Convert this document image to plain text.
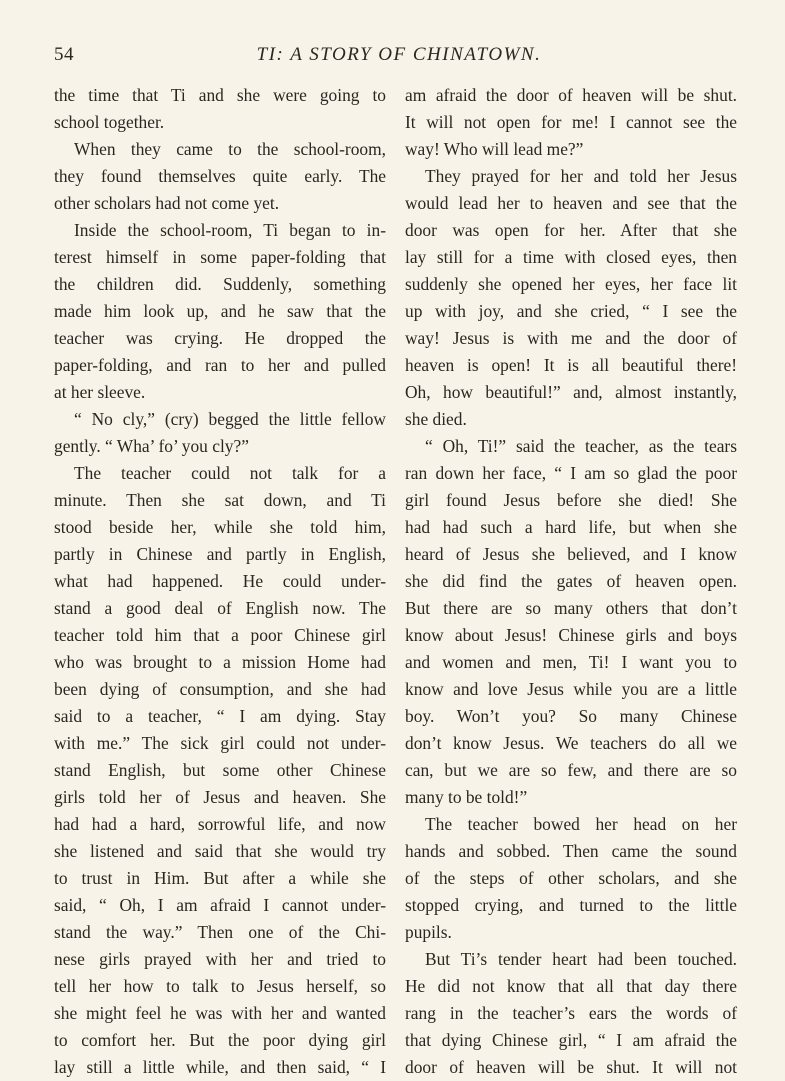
54	TI: A STORY OF CHINATOWN.
the time that Ti and she were going to
school together.
When they came to the school-room,
they found themselves quite early. The
other scholars had not come yet.
Inside the school-room, Ti began to in-
terest himself in some paper-folding that
the children did. Suddenly, something
made him look up, and he saw that the
teacher was crying. He dropped the
paper-folding, and ran to her and pulled
at her sleeve.
“ No cly,” (cry) begged the little fellow
gently. “ Wha’ fo’ you cly?”
The teacher could not talk for a
minute. Then she sat down, and Ti
stood beside her, while she told him,
partly in Chinese and partly in English,
what had happened. He could under-
stand a good deal of English now. The
teacher told him that a poor Chinese girl
who was brought to a mission Home had
been dying of consumption, and she had
said to a teacher, “ I am dying. Stay
with me.” The sick girl could not under-
stand English, but some other Chinese
girls told her of Jesus and heaven. She
had had a hard, sorrowful life, and now
she listened and said that she would try
to trust in Him. But after a while she
said, “ Oh, I am afraid I cannot under-
stand the way.” Then one of the Chi-
nese girls prayed with her and tried to
tell her how to talk to Jesus herself, so
she might feel he was with her and wanted
to comfort her. But the poor dying girl
lay still a little while, and then said, “ I
am afraid the door of heaven will be shut.
It will not open for me! I cannot see the
way! Who will lead me?”
They prayed for her and told her Jesus
would lead her to heaven and see that the
door was open for her. After that she
lay still for a time with closed eyes, then
suddenly she opened her eyes, her face lit
up with joy, and she cried, “ I see the
way! Jesus is with me and the door of
heaven is open! It is all beautiful there!
Oh, how beautiful!” and, almost instantly,
she died.
“ Oh, Ti!” said the teacher, as the tears
ran down her face, “ I am so glad the poor
girl found Jesus before she died! She
had had such a hard life, but when she
heard of Jesus she believed, and I know
she did find the gates of heaven open.
But there are so many others that don’t
know about Jesus! Chinese girls and boys
and women and men, Ti! I want you to
know and love Jesus while you are a little
boy. Won’t you? So many Chinese
don’t know Jesus. We teachers do all we
can, but we are so few, and there are so
many to be told!”
The teacher bowed her head on her
hands and sobbed. Then came the sound
of the steps of other scholars, and she
stopped crying, and turned to the little
pupils.
But Ti’s tender heart had been touched.
He did not know that all that day there
rang in the teacher’s ears the words of
that dying Chinese girl, “ I am afraid the
door of heaven will be shut. It will not
